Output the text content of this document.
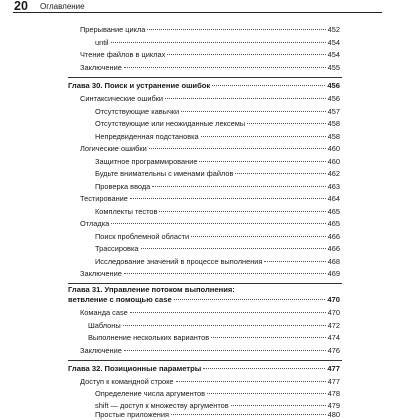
20 Оглавление
Прерывание цикла	452
until	454
Чтение файлов в циклах	454
Заключение	455
Глава 30. Поиск и устранение ошибок	456
Синтаксические ошибки	456
Отсутствующие кавычки	457
Отсутствующие или неожиданные лексемы	458
Непредвиденная подстановка	458
Логические ошибки	460
Защитное программирование	460
Будьте внимательны с именами файлов	462
Проверка ввода	463
Тестирование	464
Комплекты тестов	465
Отладка	465
Поиск проблемной области	466
Трассировка	466
Исследование значений в процессе выполнения	468
Заключение	469
Глава 31. Управление потоком выполнения:
ветвление с помощью case	470
Команда case	470
Шаблоны	472
Выполнение нескольких вариантов	474
Заключение	476
Глава 32. Позиционные параметры	477
Доступ к командной строке	477
Определение числа аргументов	478
shift — доступ к множеству аргументов	479
Простые приложения	480
